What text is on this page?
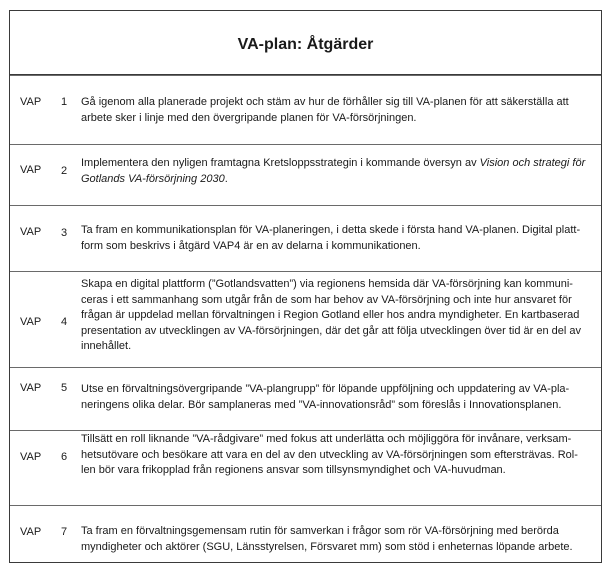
VA-plan: Åtgärder
VAP 1 Gå igenom alla planerade projekt och stäm av hur de förhåller sig till VA-planen för att säkerställa att arbete sker i linje med den övergripande planen för VA-försörjningen.
VAP 2
Implementera den nyligen framtagna Kretsloppsstrategin i kommande översyn av Vision och strategi för Gotlands VA-försörjning 2030.
VAP 3 Ta fram en kommunikationsplan för VA-planeringen, i detta skede i första hand VA-planen. Digital platt-form som beskrivs i åtgärd VAP4 är en av delarna i kommunikationen.
VAP 4
Skapa en digital plattform (”Gotlandsvatten”) via regionens hemsida där VA-försörjning kan kommuni-ceras i ett sammanhang som utgår från de som har behov av VA-försörjning och inte hur ansvaret för frågan är uppdelad mellan förvaltningen i Region Gotland eller hos andra myndigheter. En kartbaserad presentation av utvecklingen av VA-försörjningen, där det går att följa utvecklingen över tid är en del av innehållet.
VAP 5 Utse en förvaltningsövergripande ”VA-plangrupp” för löpande uppföljning och uppdatering av VA-pla-neringens olika delar. Bör samplaneras med ”VA-innovationsråd” som föreslås i Innovationsplanen.
VAP 6
Tillsätt en roll liknande ”VA-rådgivare” med fokus att underlätta och möjliggöra för invånare, verksam-hetsutövare och besökare att vara en del av den utveckling av VA-försörjningen som eftersträvas. Rol-len bör vara frikopplad från regionens ansvar som tillsynsmyndighet och VA-huvudman.
VAP 7 Ta fram en förvaltningsgemensam rutin för samverkan i frågor som rör VA-försörjning med berörda myndigheter och aktörer (SGU, Länsstyrelsen, Försvaret mm) som stöd i enheternas löpande arbete.
